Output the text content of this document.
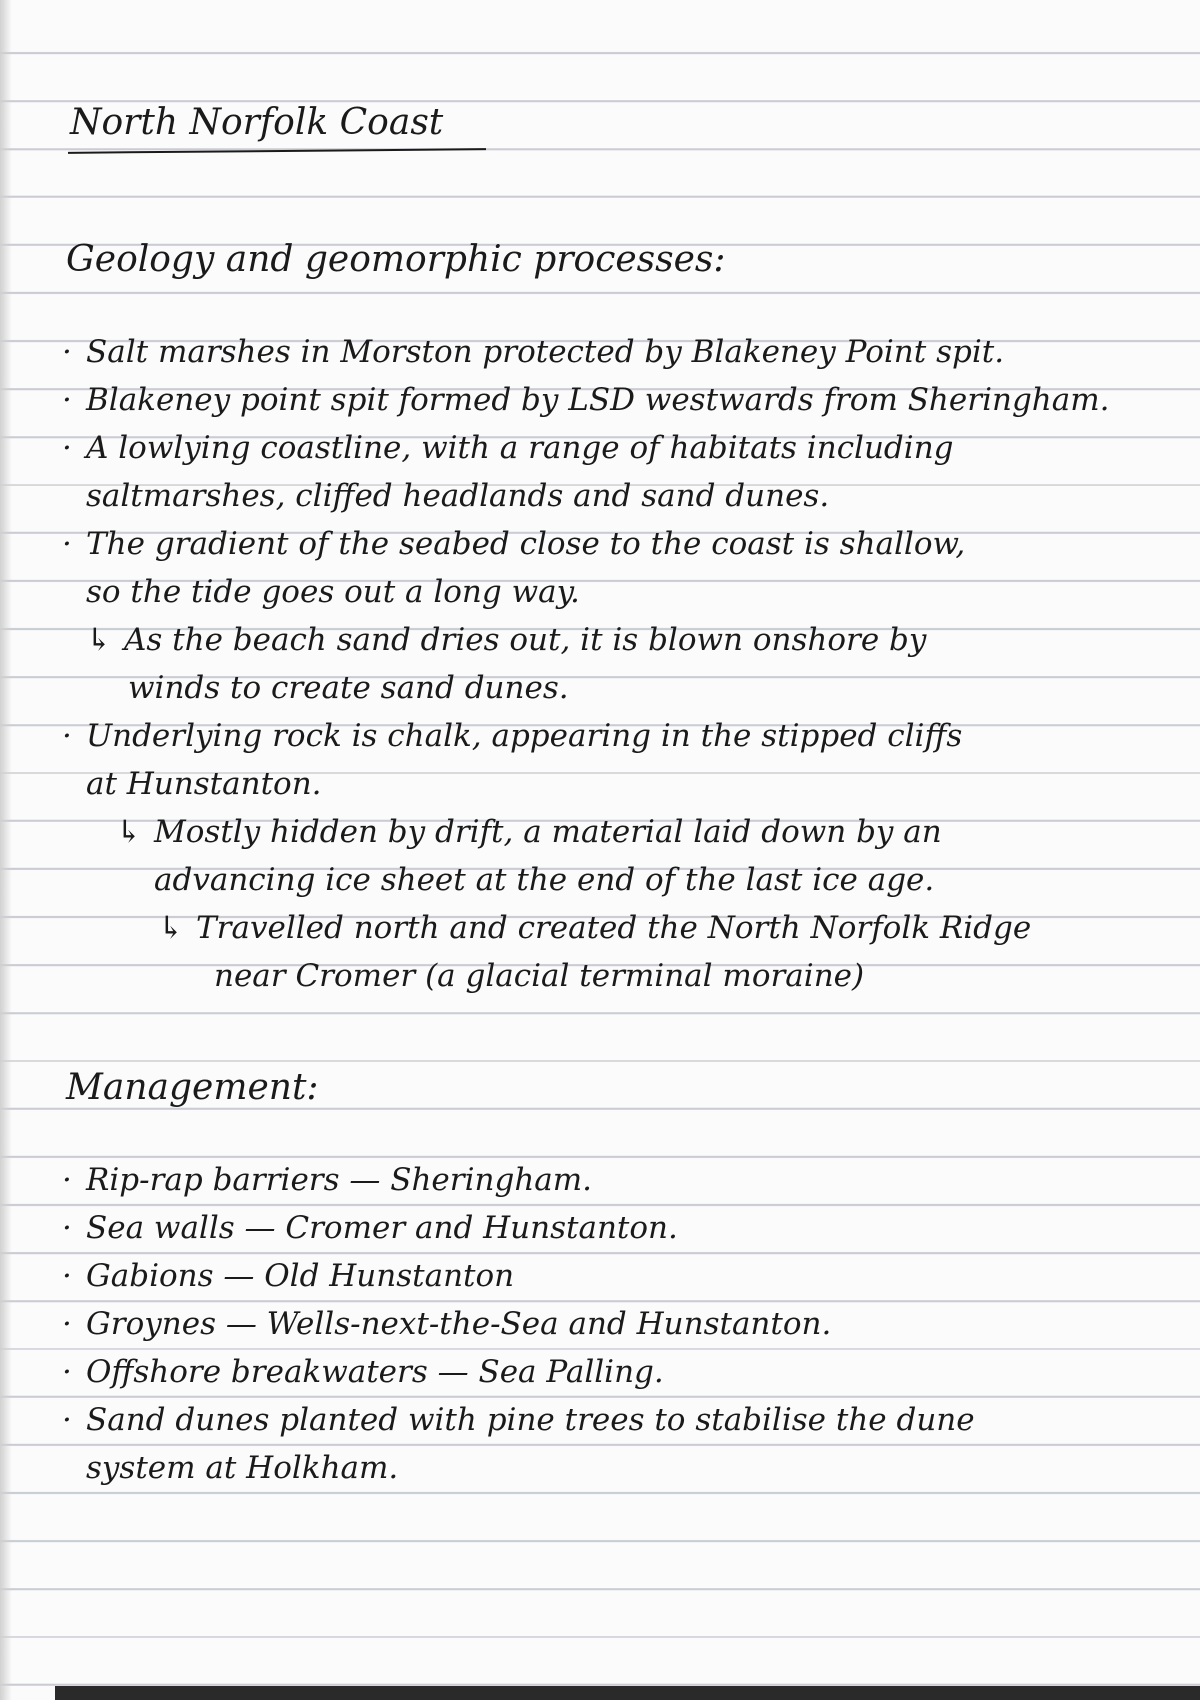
North Norfolk Coast
Geology and geomorphic processes:
· Salt marshes in Morston protected by Blakeney Point spit.
· Blakeney point spit formed by LSD westwards from Sheringham.
· A lowlying coastline, with a range of habitats including
saltmarshes, cliffed headlands and sand dunes.
· The gradient of the seabed close to the coast is shallow,
so the tide goes out a long way.
↳ As the beach sand dries out, it is blown onshore by
winds to create sand dunes.
· Underlying rock is chalk, appearing in the stipped cliffs
at Hunstanton.
↳ Mostly hidden by drift, a material laid down by an
advancing ice sheet at the end of the last ice age.
↳ Travelled north and created the North Norfolk Ridge
near Cromer (a glacial terminal moraine)
Management:
· Rip-rap barriers — Sheringham.
· Sea walls — Cromer and Hunstanton.
· Gabions — Old Hunstanton
· Groynes — Wells-next-the-Sea and Hunstanton.
· Offshore breakwaters — Sea Palling.
· Sand dunes planted with pine trees to stabilise the dune
system at Holkham.
